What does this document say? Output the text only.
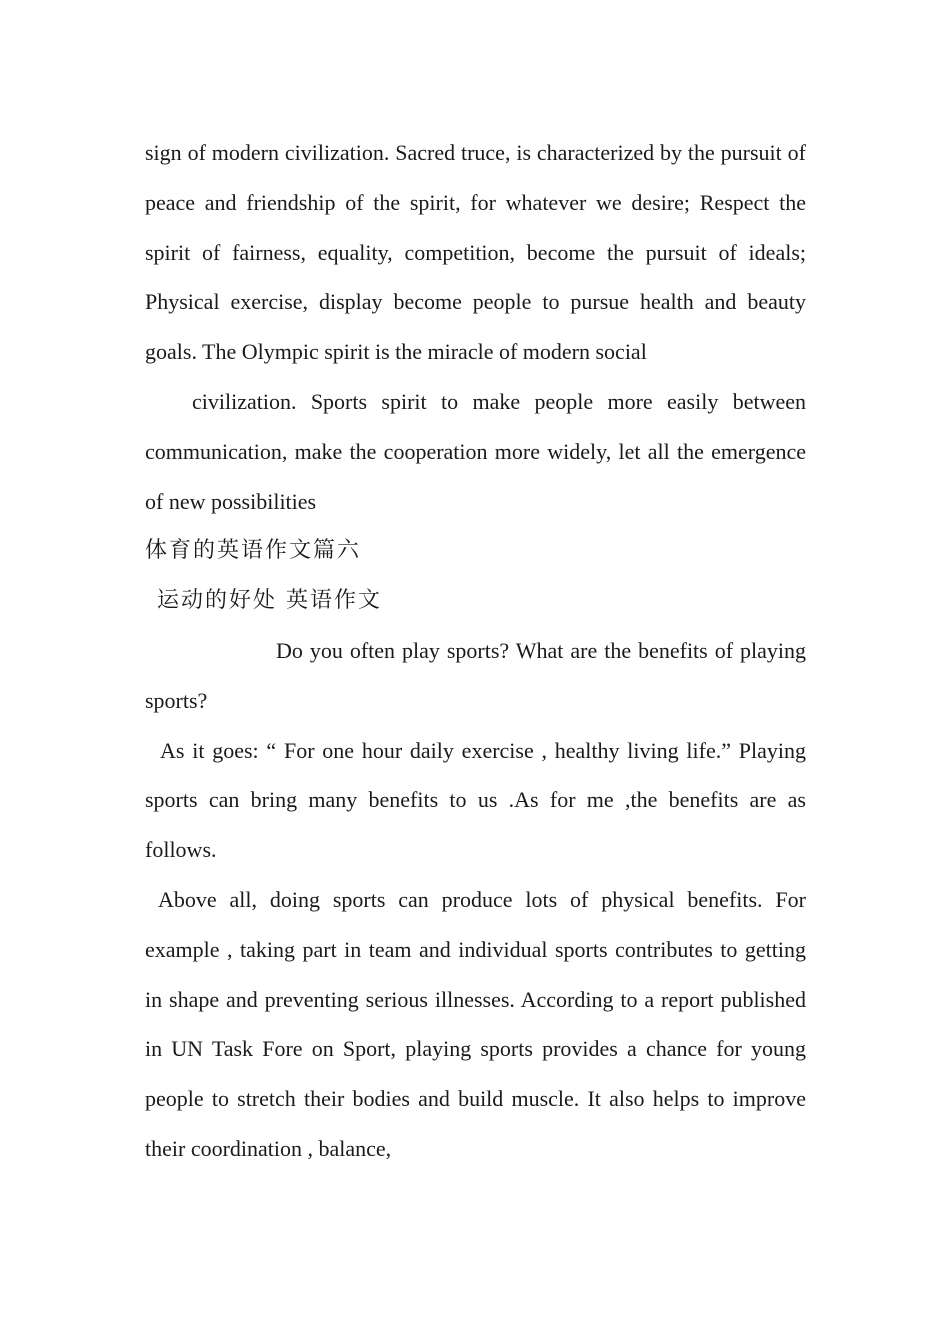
sign of modern civilization. Sacred truce, is characterized by the pursuit of peace and friendship of the spirit, for whatever we desire; Respect the spirit of fairness, equality, competition, become the pursuit of ideals; Physical exercise, display become people to pursue health and beauty goals. The Olympic spirit is the miracle of modern social

civilization. Sports spirit to make people more easily between communication, make the cooperation more widely, let all the emergence of new possibilities

体育的英语作文篇六

运动的好处 英语作文

Do you often play sports? What are the benefits of playing sports?

As it goes: “ For one hour daily exercise , healthy living life.” Playing sports can bring many benefits to us .As for me ,the benefits are as follows.

Above all, doing sports can produce lots of physical benefits. For example , taking part in team and individual sports contributes to getting in shape and preventing serious illnesses. According to a report published in UN Task Fore on Sport, playing sports provides a chance for young people to stretch their bodies and build muscle. It also helps to improve their coordination , balance,
